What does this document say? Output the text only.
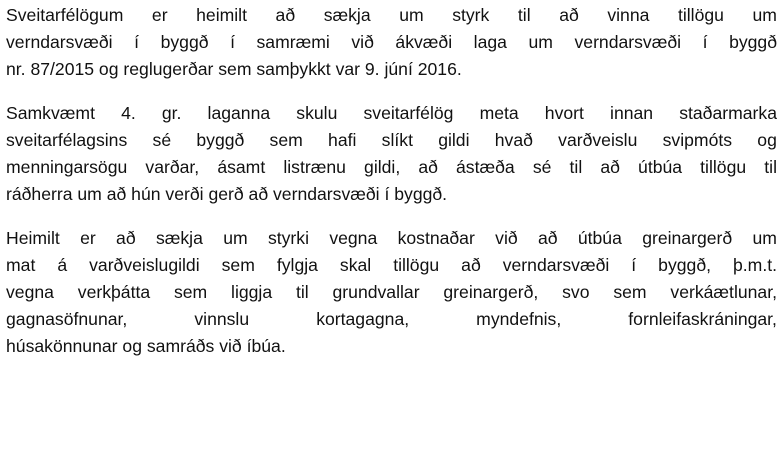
Sveitarfélögum er heimilt að sækja um styrk til að vinna tillögu um
verndarsvæði í byggð í samræmi við ákvæði laga um verndarsvæði í byggð
nr. 87/2015 og reglugerðar sem samþykkt var 9. júní 2016.
Samkvæmt 4. gr. laganna skulu sveitarfélög meta hvort innan staðarmarka
sveitarfélagsins sé byggð sem hafi slíkt gildi hvað varðveislu svipmóts og
menningarsögu varðar, ásamt listrænu gildi, að ástæða sé til að útbúa tillögu til
ráðherra um að hún verði gerð að verndarsvæði í byggð.
Heimilt er að sækja um styrki vegna kostnaðar við að útbúa greinargerð um
mat á varðveislugildi sem fylgja skal tillögu að verndarsvæði í byggð, þ.m.t.
vegna verkþátta sem liggja til grundvallar greinargerð, svo sem verkáætlunar,
gagnasöfnunar,	vinnslu	kortagagna,	myndefnis,	fornleifaskráningar,
húsakönnunar og samráðs við íbúa.
